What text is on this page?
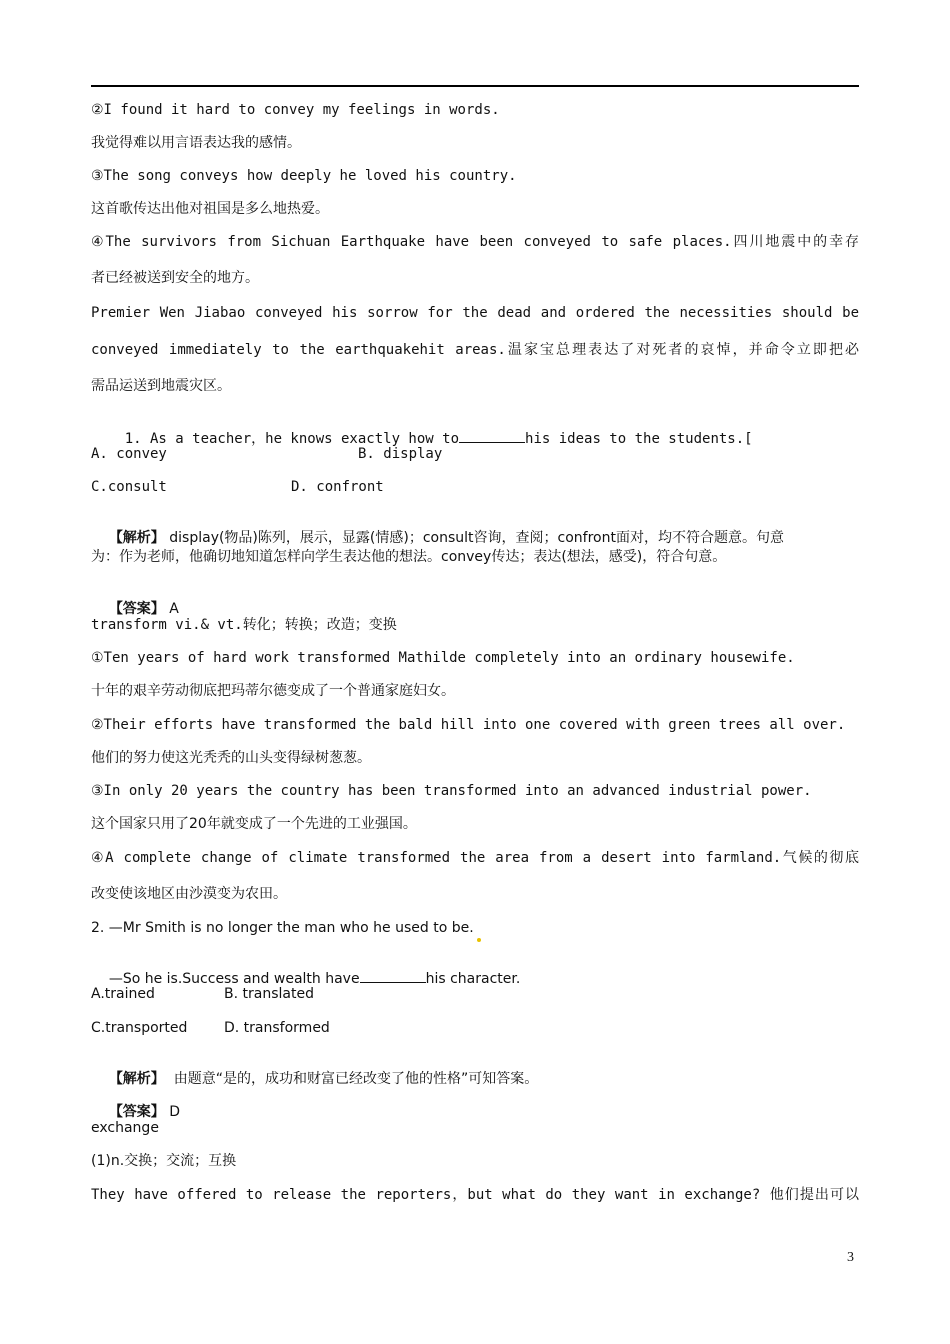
②I found it hard to convey my feelings in words.
我觉得难以用言语表达我的感情。
③The song conveys how deeply he loved his country.
这首歌传达出他对祖国是多么地热爱。
④The survivors from Sichuan Earthquake have been conveyed to safe places.四川地震中的幸存
者已经被送到安全的地方。
Premier Wen Jiabao conveyed his sorrow for the dead and ordered the necessities should be
conveyed immediately to the earthquakehit areas.温家宝总理表达了对死者的哀悼，并命令立即把必
需品运送到地震灾区。

1. As a teacher，he knows exactly how to	his ideas to the students.[

A. convey	B. display
C.consult	D. confront

【解析】 display(物品)陈列，展示，显露(情感)；consult咨询，查阅；confront面对，均不符合题意。句意

为：作为老师，他确切地知道怎样向学生表达他的想法。convey传达；表达(想法，感受)，符合句意。

【答案】 A

transform vi.& vt.转化；转换；改造；变换
①Ten years of hard work transformed Mathilde completely into an ordinary housewife.
十年的艰辛劳动彻底把玛蒂尔德变成了一个普通家庭妇女。
②Their efforts have transformed the bald hill into one covered with green trees all over.
他们的努力使这光秃秃的山头变得绿树葱葱。
③In only 20 years the country has been transformed into an advanced industrial power.
这个国家只用了20年就变成了一个先进的工业强国。
④A complete change of climate transformed the area from a desert into farmland.气候的彻底
改变使该地区由沙漠变为农田。
2. —Mr Smith is no longer the man who he used to be.

—So he is.Success and wealth have	his character.

A.trained	B. translated
C.transported	D. transformed

【解析】  由题意“是的，成功和财富已经改变了他的性格”可知答案。

【答案】 D

exchange
(1)n.交换；交流；互换
They have offered to release the reporters，but what do they want in exchange? 他们提出可以
3
